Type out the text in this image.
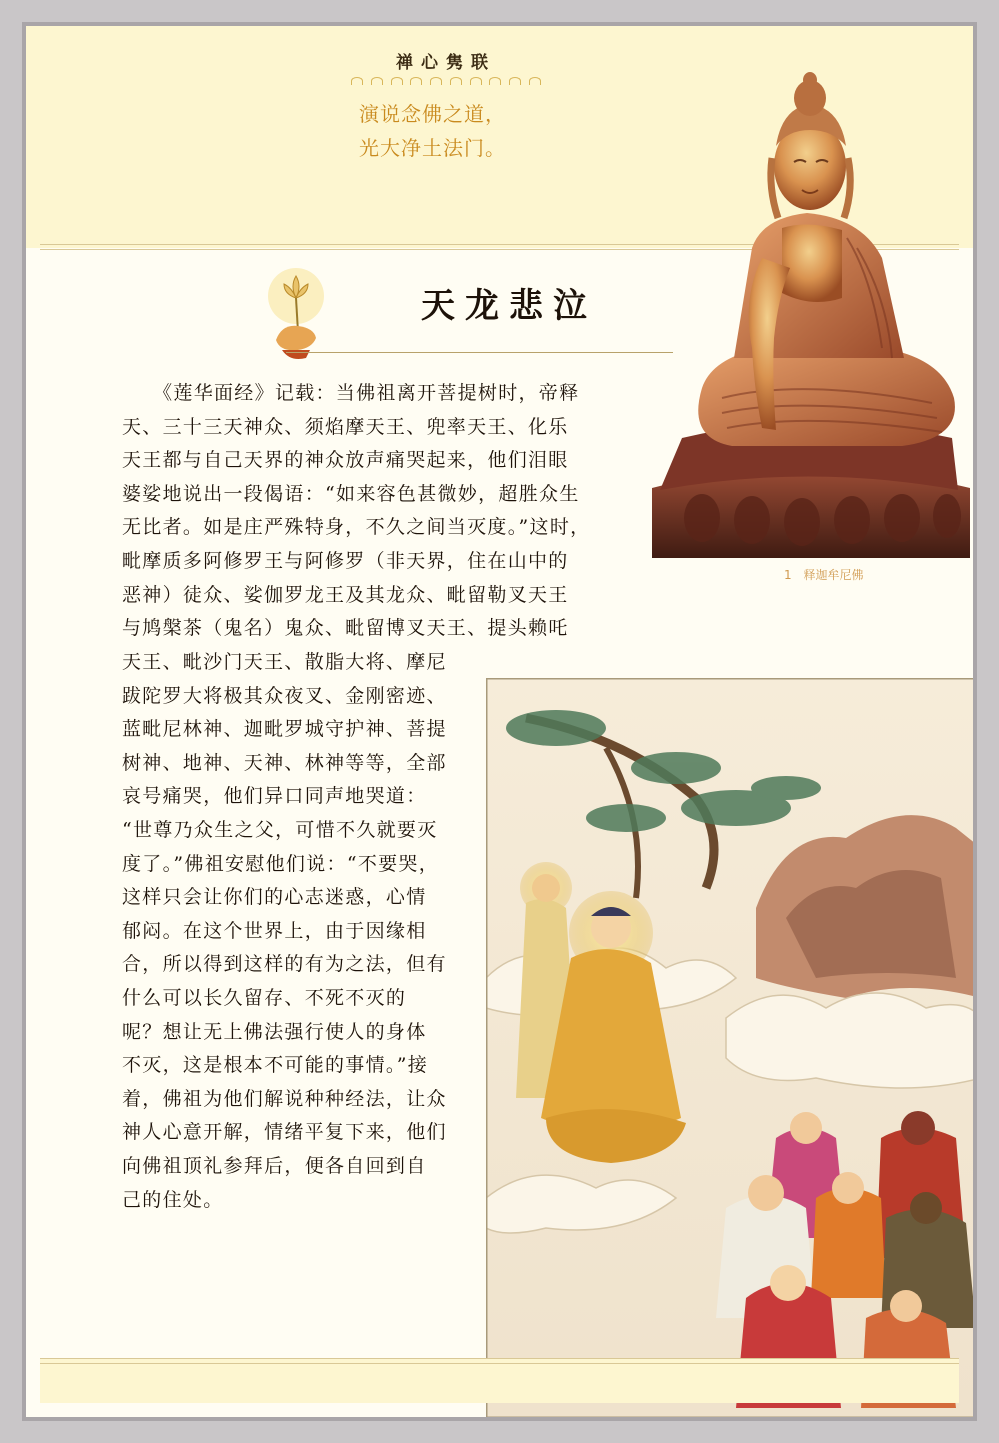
禅心隽联
演说念佛之道，
光大净土法门。
1 释迦牟尼佛
天龙悲泣
　　《莲华面经》记载：当佛祖离开菩提树时，帝释
天、三十三天神众、须焰摩天王、兜率天王、化乐
天王都与自己天界的神众放声痛哭起来，他们泪眼
婆娑地说出一段偈语：“如来容色甚微妙，超胜众生
无比者。如是庄严殊特身，不久之间当灭度。”这时，
毗摩质多阿修罗王与阿修罗（非天界，住在山中的
恶神）徒众、娑伽罗龙王及其龙众、毗留勒叉天王
与鸠槃茶（鬼名）鬼众、毗留博叉天王、提头赖吒
天王、毗沙门天王、散脂大将、摩尼
跋陀罗大将极其众夜叉、金刚密迹、
蓝毗尼林神、迦毗罗城守护神、菩提
树神、地神、天神、林神等等，全部
哀号痛哭，他们异口同声地哭道：
“世尊乃众生之父，可惜不久就要灭
度了。”佛祖安慰他们说：“不要哭，
这样只会让你们的心志迷惑，心情
郁闷。在这个世界上，由于因缘相
合，所以得到这样的有为之法，但有
什么可以长久留存、不死不灭的
呢？想让无上佛法强行使人的身体
不灭，这是根本不可能的事情。”接
着，佛祖为他们解说种种经法，让众
神人心意开解，情绪平复下来，他们
向佛祖顶礼参拜后，便各自回到自
己的住处。
